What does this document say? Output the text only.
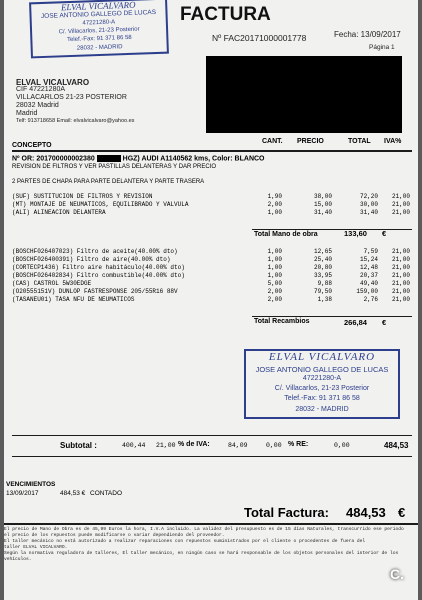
ELVAL VICALVARO
JOSE ANTONIO GALLEGO DE LUCAS
47221280-A
C/. Villacarlos, 21-23 Posterior
Telef.-Fax: 91 371 86 58
28032 - MADRID
FACTURA
Nº FAC20171000001778	Fecha: 13/09/2017
Página 1
ELVAL VICALVARO
CIF 47221280A
VILLACARLOS 21-23 POSTERIOR
28032 Madrid
Madrid
Telf: 913718658 Email: elvalvicalvaro@yahoo.es
CONCEPTO
CANT. PRECIO	TOTAL IVA%
Nº OR: 201700000002380	HGZ) AUDI A1140562 kms, Color: BLANCO
REVISION DE FILTROS Y VER PASTILLAS DELANTERAS Y DAR PRECIO
2 PARTES DE CHAPA PARA PARTE DELANTERA Y PARTE TRASERA
(SUF) SUSTITUCION DE FILTROS Y REVISION	1,90	38,00	72,20	21,00
(MT) MONTAJE DE NEUMATICOS, EQUILIBRADO Y VALVULA	2,00	15,00	30,00	21,00
(ALI) ALINEACION DELANTERA	1,00	31,40	31,40	21,00
Total Mano de obra	133,60 €
(BOSCHF026407023) Filtro de aceite(40.00% dto)	1,00	12,65	7,59	21,00
(BOSCHF026400391) Filtro de aire(40.00% dto)	1,00	25,40	15,24	21,00
(CORTECP1436) Filtro aire habitáculo(40.00% dto)	1,00	20,80	12,48	21,00
(BOSCHF026402834) Filtro combustible(40.00% dto)	1,00	33,95	20,37	21,00
(CAS) CASTROL 5W30EDGE	5,00	9,88	49,40	21,00
(O20555151V) DUNLOP FASTRESPONSE 205/55R16 88V	2,00	79,50	159,00	21,00
(TASANEU01) TASA NFU DE NEUMATICOS	2,00	1,38	2,76	21,00
Total Recambios	266,84 €
ELVAL VICALVARO
JOSE ANTONIO GALLEGO DE LUCAS
47221280-A
C/. Villacarlos, 21-23 Posterior
Telef.-Fax: 91 371 86 58
28032 - MADRID
Subtotal :	400,44 21,00 % de IVA:	84,09	0,00 % RE:	0,00	484,53
VENCIMIENTOS
13/09/2017	484,53 € CONTADO
Total Factura: 484,53 €
El precio de Mano de Obra es de 45,99 Euros la hora, I.V.A incluido. La validez del presupuesto es de 15 días Naturales, transcurrido ese periodo
el precio de los repuestos puede modificarse o variar dependiendo del proveedor.
El taller mecánico no está autorizado a realizar reparaciones con repuestos suministrados por el cliente o procedentes de fuera del
taller ELVAL VICALVARO.
Según la normativa reguladora de talleres, El taller mecánico, en ningún caso se hará responsable de los objetos personales del interior de los
vehículos.
C.
